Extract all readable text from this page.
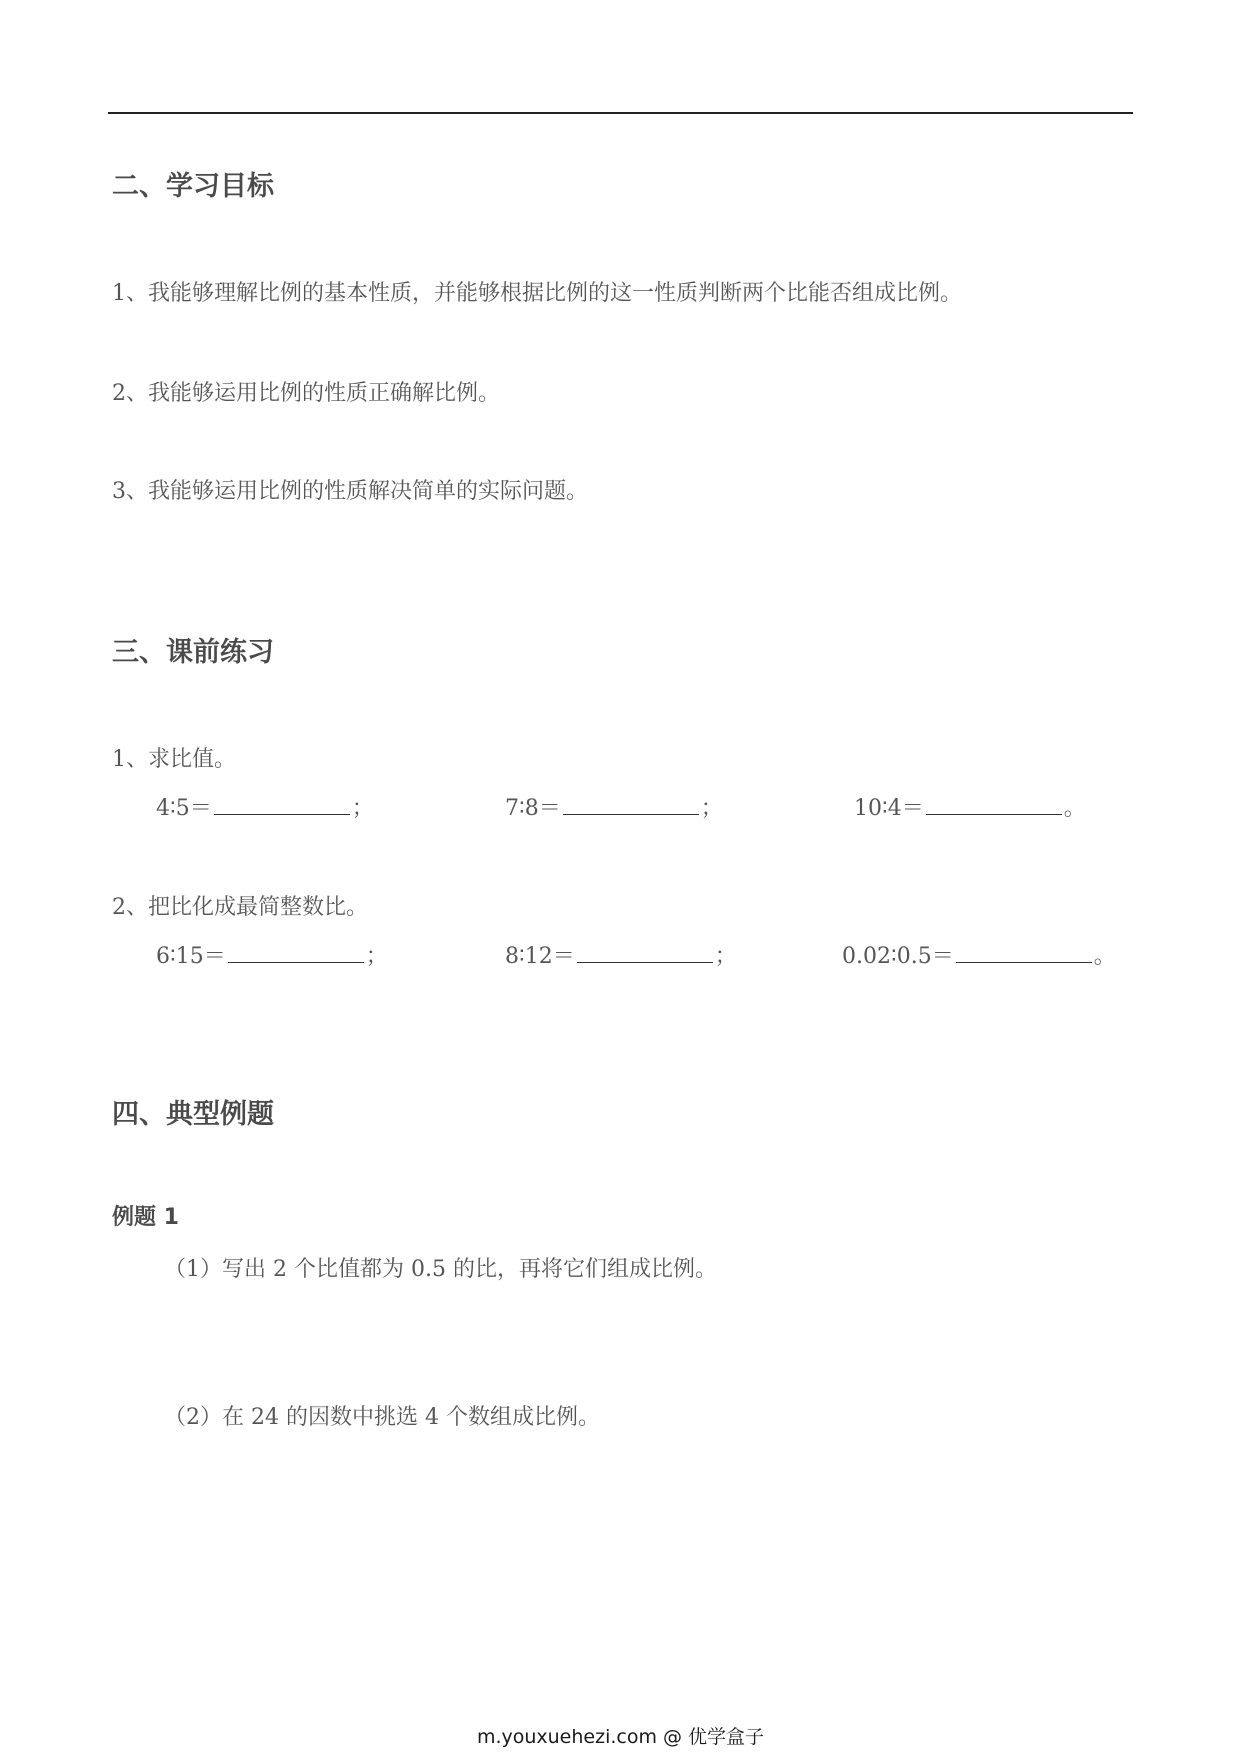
二、学习目标
1、我能够理解比例的基本性质，并能够根据比例的这一性质判断两个比能否组成比例。
2、我能够运用比例的性质正确解比例。
3、我能够运用比例的性质解决简单的实际问题。
三、课前练习
1、求比值。
4∶5＝	；	7∶8＝	；	10∶4＝	。
2、把比化成最简整数比。
6∶15＝	；	8∶12＝	；	0.02∶0.5＝	。
四、典型例题
例题 1
（1）写出 2 个比值都为 0.5 的比，再将它们组成比例。
（2）在 24 的因数中挑选 4 个数组成比例。
m.youxuehezi.com @ 优学盒子
